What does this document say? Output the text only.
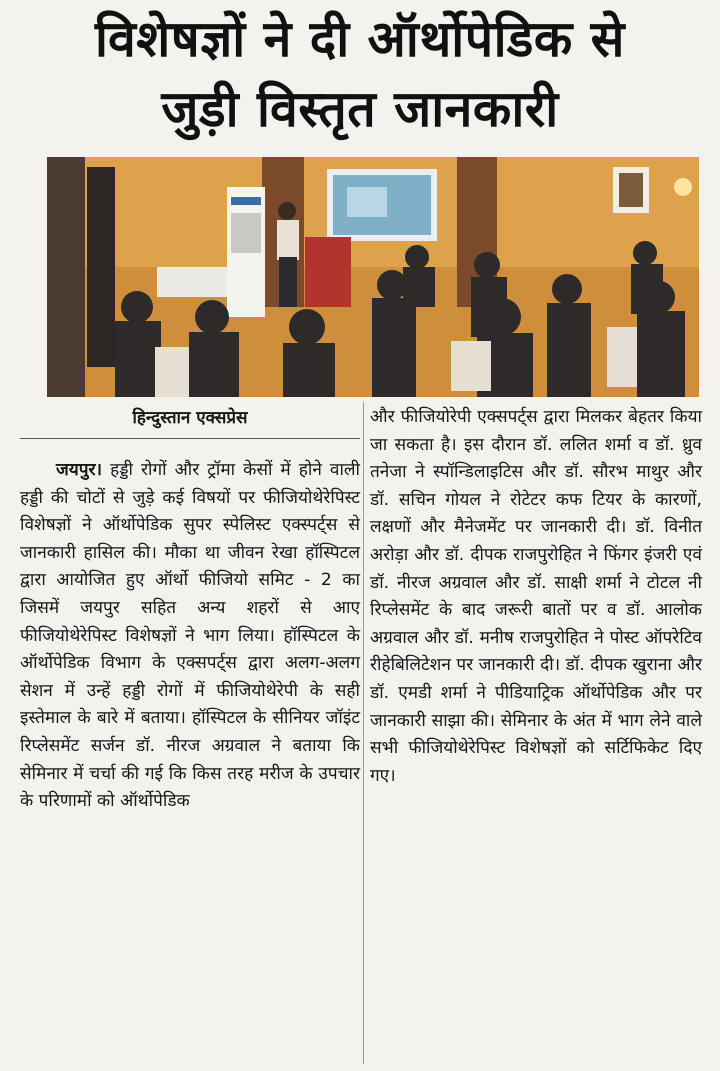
विशेषज्ञों ने दी ऑर्थोपेडिक से
जुड़ी विस्तृत जानकारी
हिन्दुस्तान एक्सप्रेस

जयपुर। हड्डी रोगों और ट्रॉमा केसों में होने वाली हड्डी की चोटों से जुड़े कई विषयों पर फीजियोथेरेपिस्ट विशेषज्ञों ने ऑर्थोपेडिक सुपर स्पेलिस्ट एक्स्पर्ट्स से जानकारी हासिल की। मौका था जीवन रेखा हॉस्पिटल द्वारा आयोजित हुए ऑर्थो फीजियो समिट - 2 का जिसमें जयपुर सहित अन्य शहरों से आए फीजियोथेरेपिस्ट विशेषज्ञों ने भाग लिया। हॉस्पिटल के ऑर्थोपेडिक विभाग के एक्सपर्ट्स द्वारा अलग-अलग सेशन में उन्हें हड्डी रोगों में फीजियोथेरेपी के सही इस्तेमाल के बारे में बताया। हॉस्पिटल के सीनियर जॉइंट रिप्लेसमेंट सर्जन डॉ. नीरज अग्रवाल ने बताया कि सेमिनार में चर्चा की गई कि किस तरह मरीज के उपचार के परिणामों को ऑर्थोपेडिक

और फीजियोरेपी एक्सपर्ट्स द्वारा मिलकर बेहतर किया जा सकता है। इस दौरान डॉ. ललित शर्मा व डॉ. ध्रुव तनेजा ने स्पॉन्डिलाइटिस और डॉ. सौरभ माथुर और डॉ. सचिन गोयल ने रोटेटर कफ टियर के कारणों, लक्षणों और मैनेजमेंट पर जानकारी दी। डॉ. विनीत अरोड़ा और डॉ. दीपक राजपुरोहित ने फिंगर इंजरी एवं डॉ. नीरज अग्रवाल और डॉ. साक्षी शर्मा ने टोटल नी रिप्लेसमेंट के बाद जरूरी बातों पर व डॉ. आलोक अग्रवाल और डॉ. मनीष राजपुरोहित ने पोस्ट ऑपरेटिव रीहेबिलिटेशन पर जानकारी दी। डॉ. दीपक खुराना और डॉ. एमडी शर्मा ने पीडियाट्रिक ऑर्थोपेडिक और पर जानकारी साझा की। सेमिनार के अंत में भाग लेने वाले सभी फीजियोथेरेपिस्ट विशेषज्ञों को सर्टिफिकेट दिए गए।
